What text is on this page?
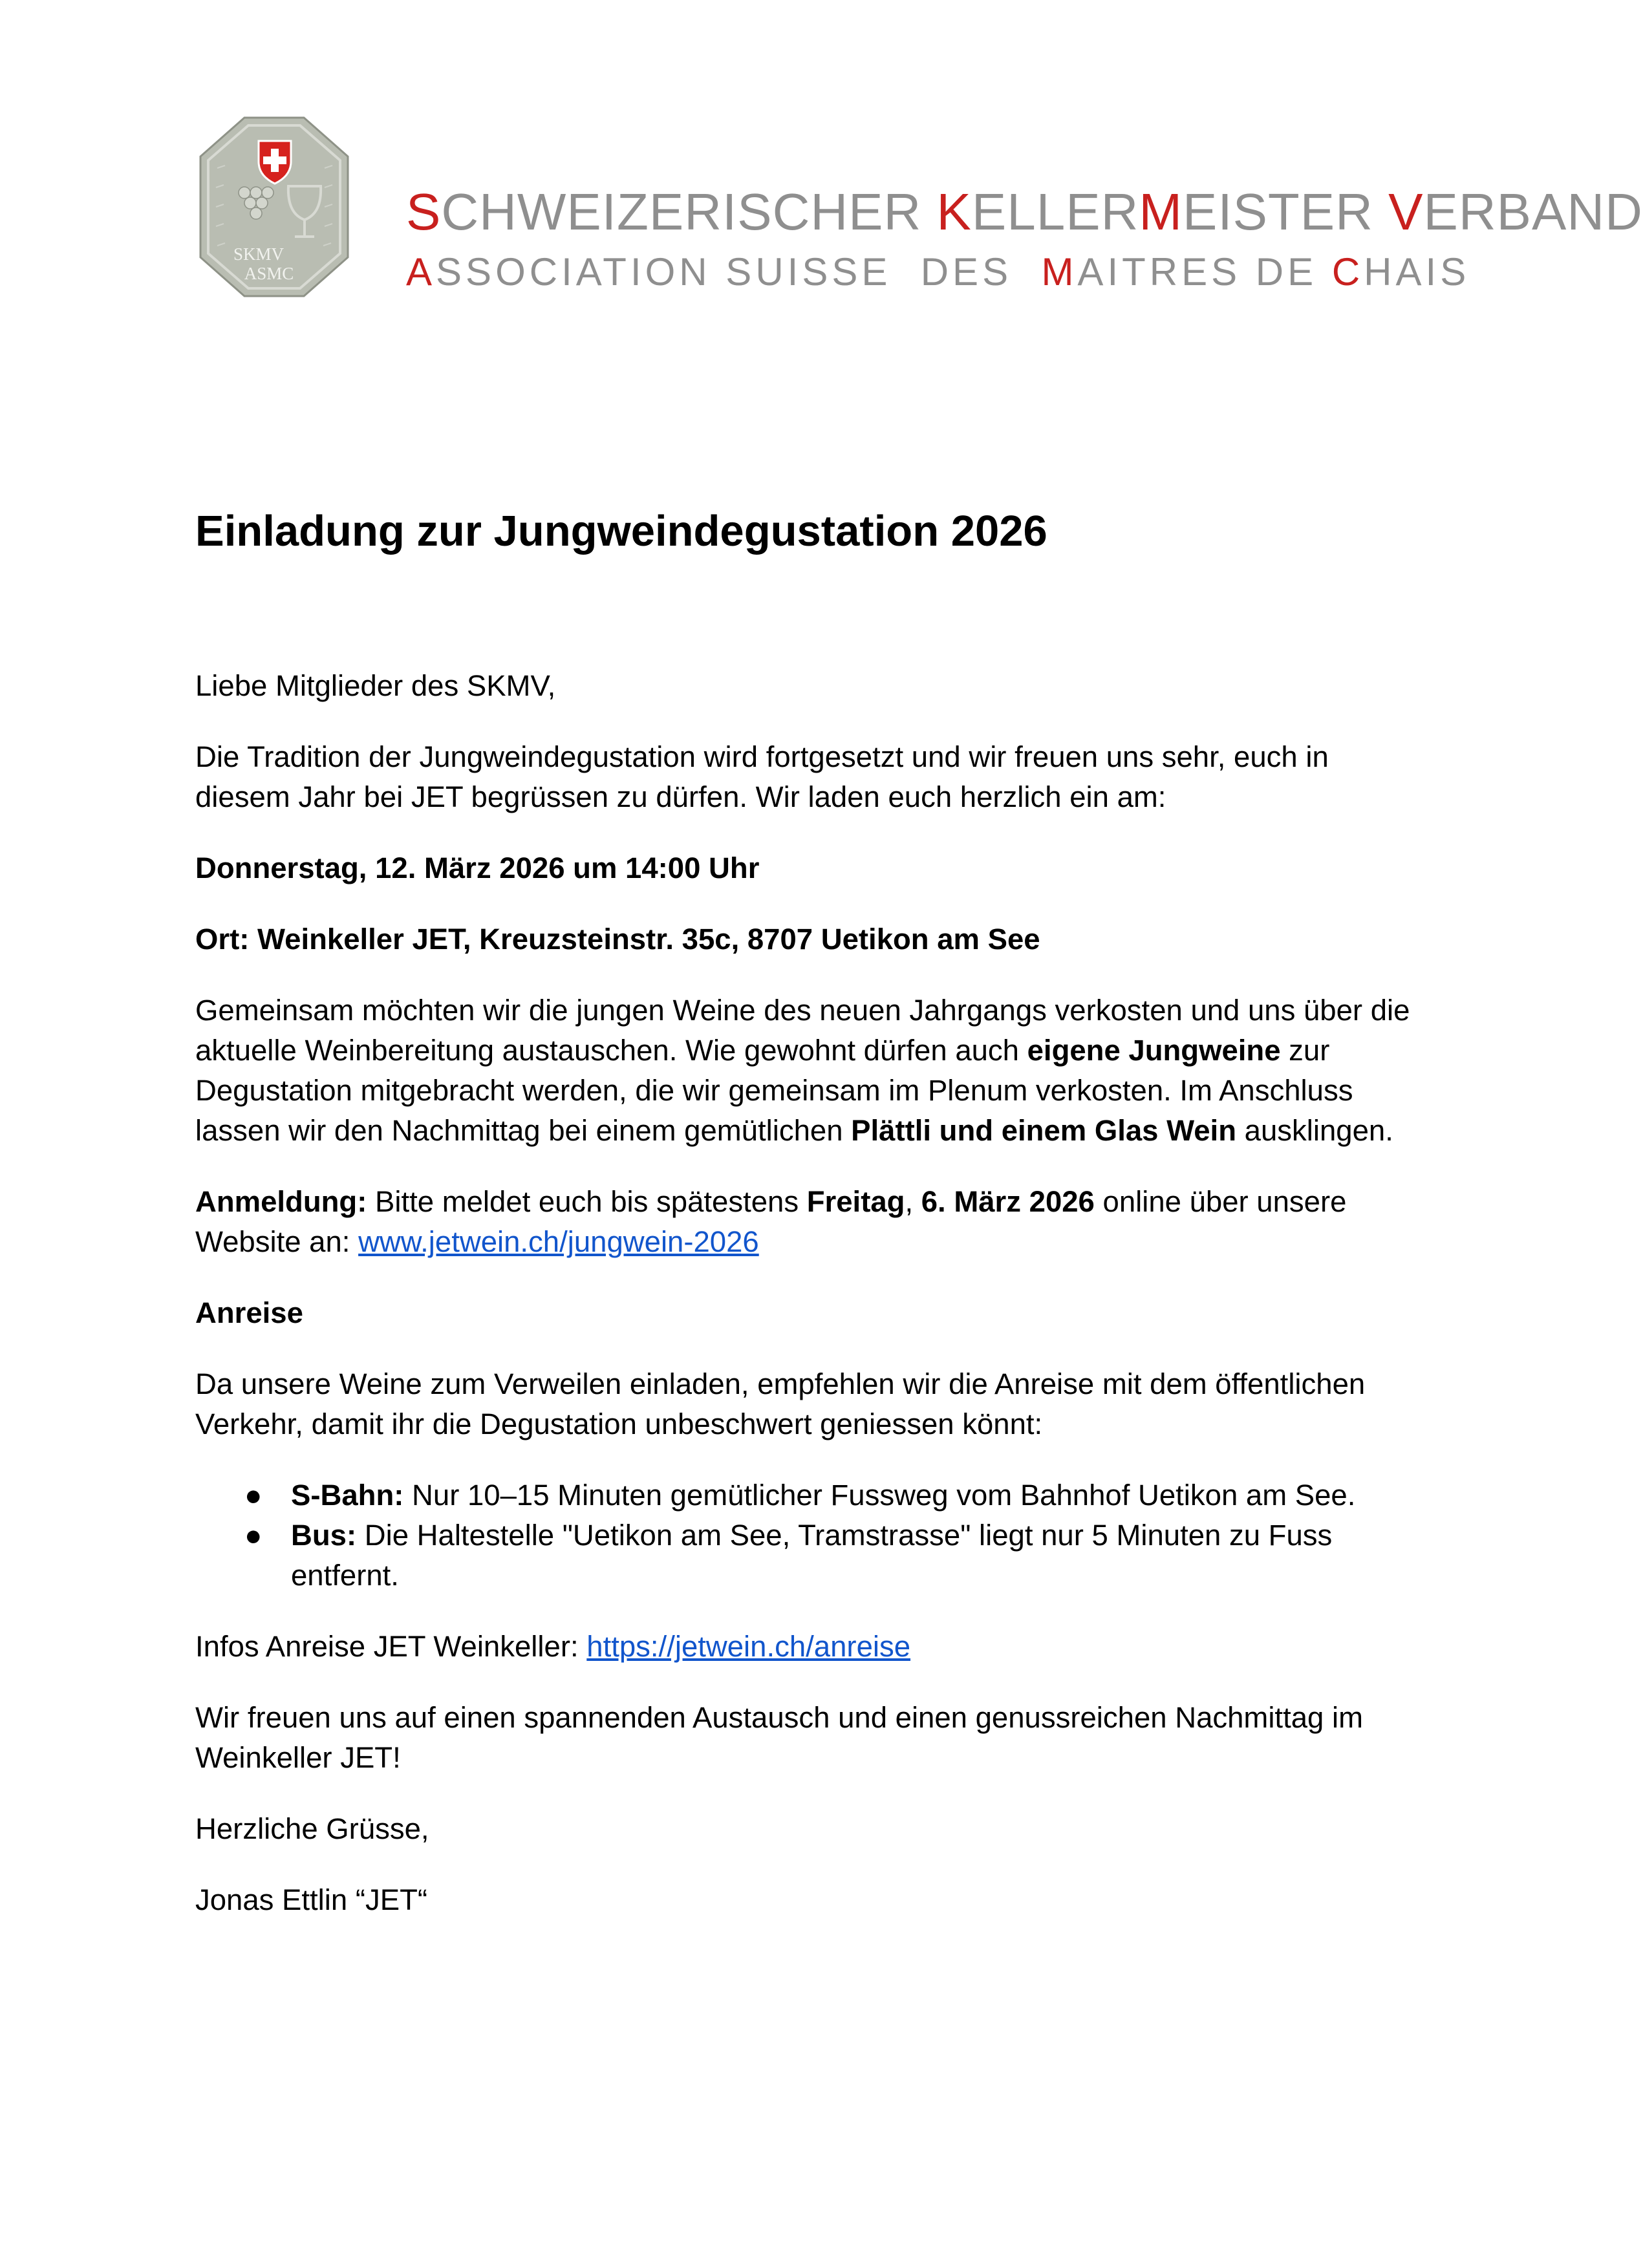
SKMV
ASMC
SCHWEIZERISCHER KELLERMEISTER VERBAND
ASSOCIATION SUISSE  DES  MAITRES DE CHAIS
Einladung zur Jungweindegustation 2026

Liebe Mitglieder des SKMV,

Die Tradition der Jungweindegustation wird fortgesetzt und wir freuen uns sehr, euch in diesem Jahr bei JET begrüssen zu dürfen. Wir laden euch herzlich ein am:

Donnerstag, 12. März 2026 um 14:00 Uhr

Ort: Weinkeller JET, Kreuzsteinstr. 35c, 8707 Uetikon am See

Gemeinsam möchten wir die jungen Weine des neuen Jahrgangs verkosten und uns über die aktuelle Weinbereitung austauschen. Wie gewohnt dürfen auch eigene Jungweine zur Degustation mitgebracht werden, die wir gemeinsam im Plenum verkosten. Im Anschluss lassen wir den Nachmittag bei einem gemütlichen Plättli und einem Glas Wein ausklingen.

Anmeldung: Bitte meldet euch bis spätestens Freitag, 6. März 2026 online über unsere Website an: www.jetwein.ch/jungwein-2026

Anreise

Da unsere Weine zum Verweilen einladen, empfehlen wir die Anreise mit dem öffentlichen Verkehr, damit ihr die Degustation unbeschwert geniessen könnt:

● S-Bahn: Nur 10–15 Minuten gemütlicher Fussweg vom Bahnhof Uetikon am See.
● Bus: Die Haltestelle "Uetikon am See, Tramstrasse" liegt nur 5 Minuten zu Fuss entfernt.

Infos Anreise JET Weinkeller: https://jetwein.ch/anreise

Wir freuen uns auf einen spannenden Austausch und einen genussreichen Nachmittag im Weinkeller JET!

Herzliche Grüsse,

Jonas Ettlin “JET“
